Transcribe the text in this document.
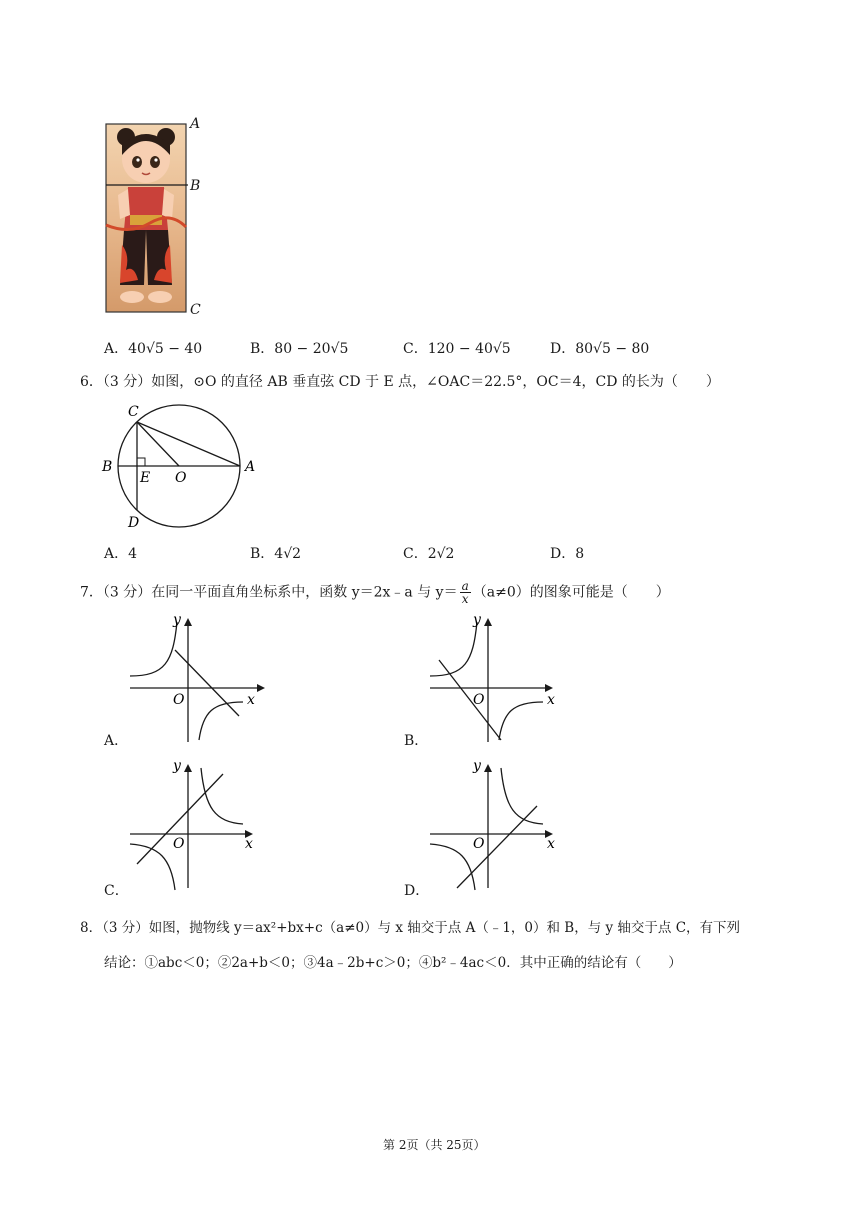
A
B
C
A．40√5 − 40	B．80 − 20√5	C．120 − 40√5	D．80√5 − 80
6．（3 分）如图，⊙O 的直径 AB 垂直弦 CD 于 E 点，∠OAC＝22.5°，OC＝4，CD 的长为（　　）
C
B
E O
A
D
A．4	B．4√2	C．2√2	D．8
7．（3 分）在同一平面直角坐标系中，函数 y＝2x﹣a 与 $y= \frac{a}{x} (a\ne 0)$的图象可能是（　　）
y
x
O
A．
y
x
O
B．
y
x
O
C．
y
x
O
D．
8．（3 分）如图，抛物线 y＝ax²+bx+c（a≠0）与 x 轴交于点 A（﹣1，0）和 B，与 y 轴交于点 C，有下列
结论：①abc＜0；②2a+b＜0；③4a﹣2b+c＞0；④b²﹣4ac＜0．其中正确的结论有（　　）
第 2页（共 25页）
